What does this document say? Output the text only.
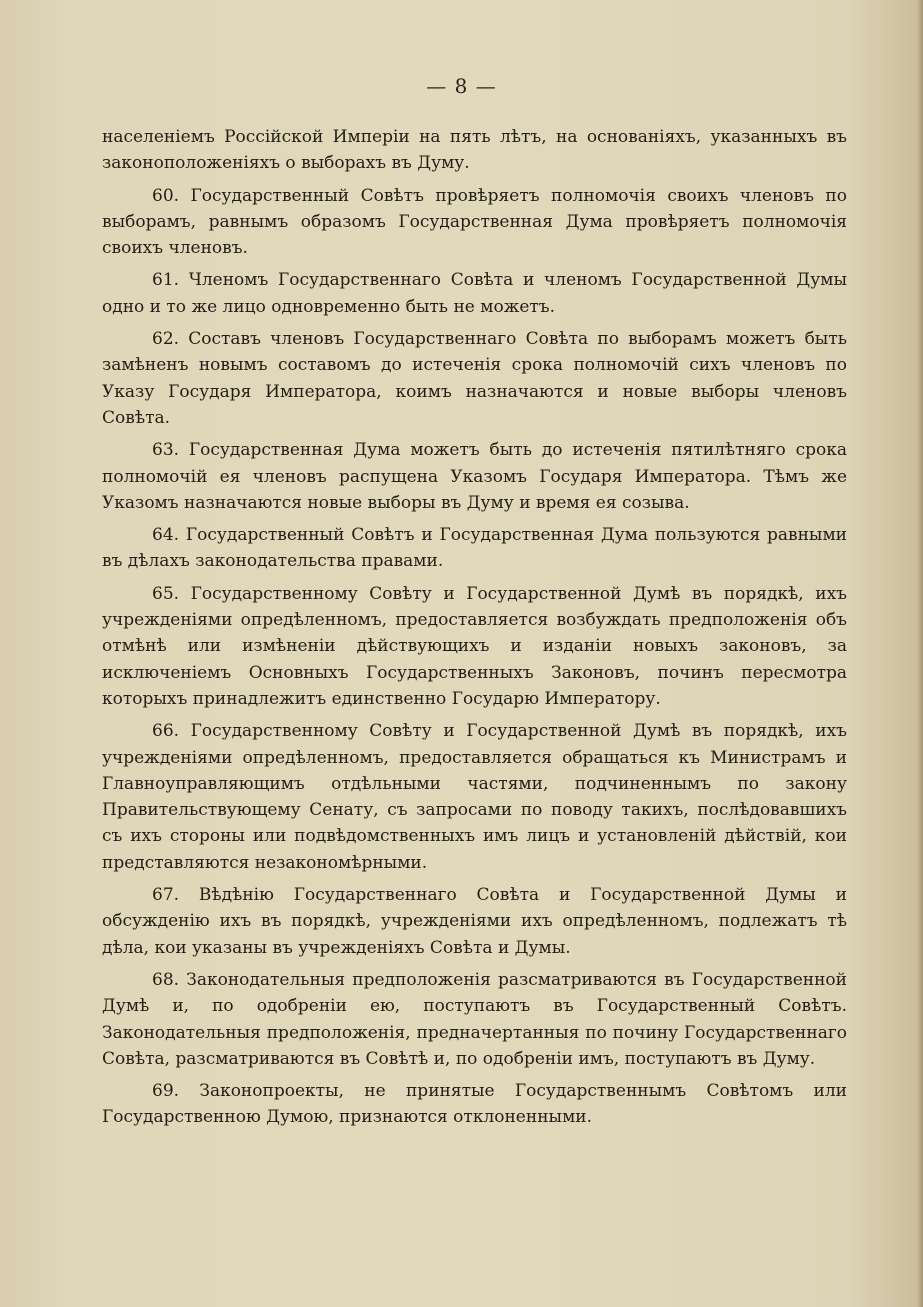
— 8 —

населеніемъ Россійской Имперіи на пять лѣтъ, на основаніяхъ, указанныхъ въ законоположеніяхъ о выборахъ въ Думу.

60. Государственный Совѣтъ провѣряетъ полномочія своихъ членовъ по выборамъ, равнымъ образомъ Государственная Дума провѣряетъ полномочія своихъ членовъ.

61. Членомъ Государственнаго Совѣта и членомъ Государственной Думы одно и то же лицо одновременно быть не можетъ.

62. Составъ членовъ Государственнаго Совѣта по выборамъ можетъ быть замѣненъ новымъ составомъ до истеченія срока полномочій сихъ членовъ по Указу Государя Императора, коимъ назначаются и новые выборы членовъ Совѣта.

63. Государственная Дума можетъ быть до истеченія пятилѣтняго срока полномочій ея членовъ распущена Указомъ Государя Императора. Тѣмъ же Указомъ назначаются новые выборы въ Думу и время ея созыва.

64. Государственный Совѣтъ и Государственная Дума пользуются равными въ дѣлахъ законодательства правами.

65. Государственному Совѣту и Государственной Думѣ въ порядкѣ, ихъ учрежденіями опредѣленномъ, предоставляется возбуждать предположенія объ отмѣнѣ или измѣненіи дѣйствующихъ и изданіи новыхъ законовъ, за исключеніемъ Основныхъ Государственныхъ Законовъ, починъ пересмотра которыхъ принадлежитъ единственно Государю Императору.

66. Государственному Совѣту и Государственной Думѣ въ порядкѣ, ихъ учрежденіями опредѣленномъ, предоставляется обращаться къ Министрамъ и Главноуправляющимъ отдѣльными частями, подчиненнымъ по закону Правительствующему Сенату, съ запросами по поводу такихъ, послѣдовавшихъ съ ихъ стороны или подвѣдомственныхъ имъ лицъ и установленій дѣйствій, кои представляются незакономѣрными.

67. Вѣдѣнію Государственнаго Совѣта и Государственной Думы и обсужденію ихъ въ порядкѣ, учрежденіями ихъ опредѣленномъ, подлежатъ тѣ дѣла, кои указаны въ учрежденіяхъ Совѣта и Думы.

68. Законодательныя предположенія разсматриваются въ Государственной Думѣ и, по одобреніи ею, поступаютъ въ Государственный Совѣтъ. Законодательныя предположенія, предначертанныя по почину Государственнаго Совѣта, разсматриваются въ Совѣтѣ и, по одобреніи имъ, поступаютъ въ Думу.

69. Законопроекты, не принятые Государственнымъ Совѣтомъ или Государственною Думою, признаются отклоненными.
